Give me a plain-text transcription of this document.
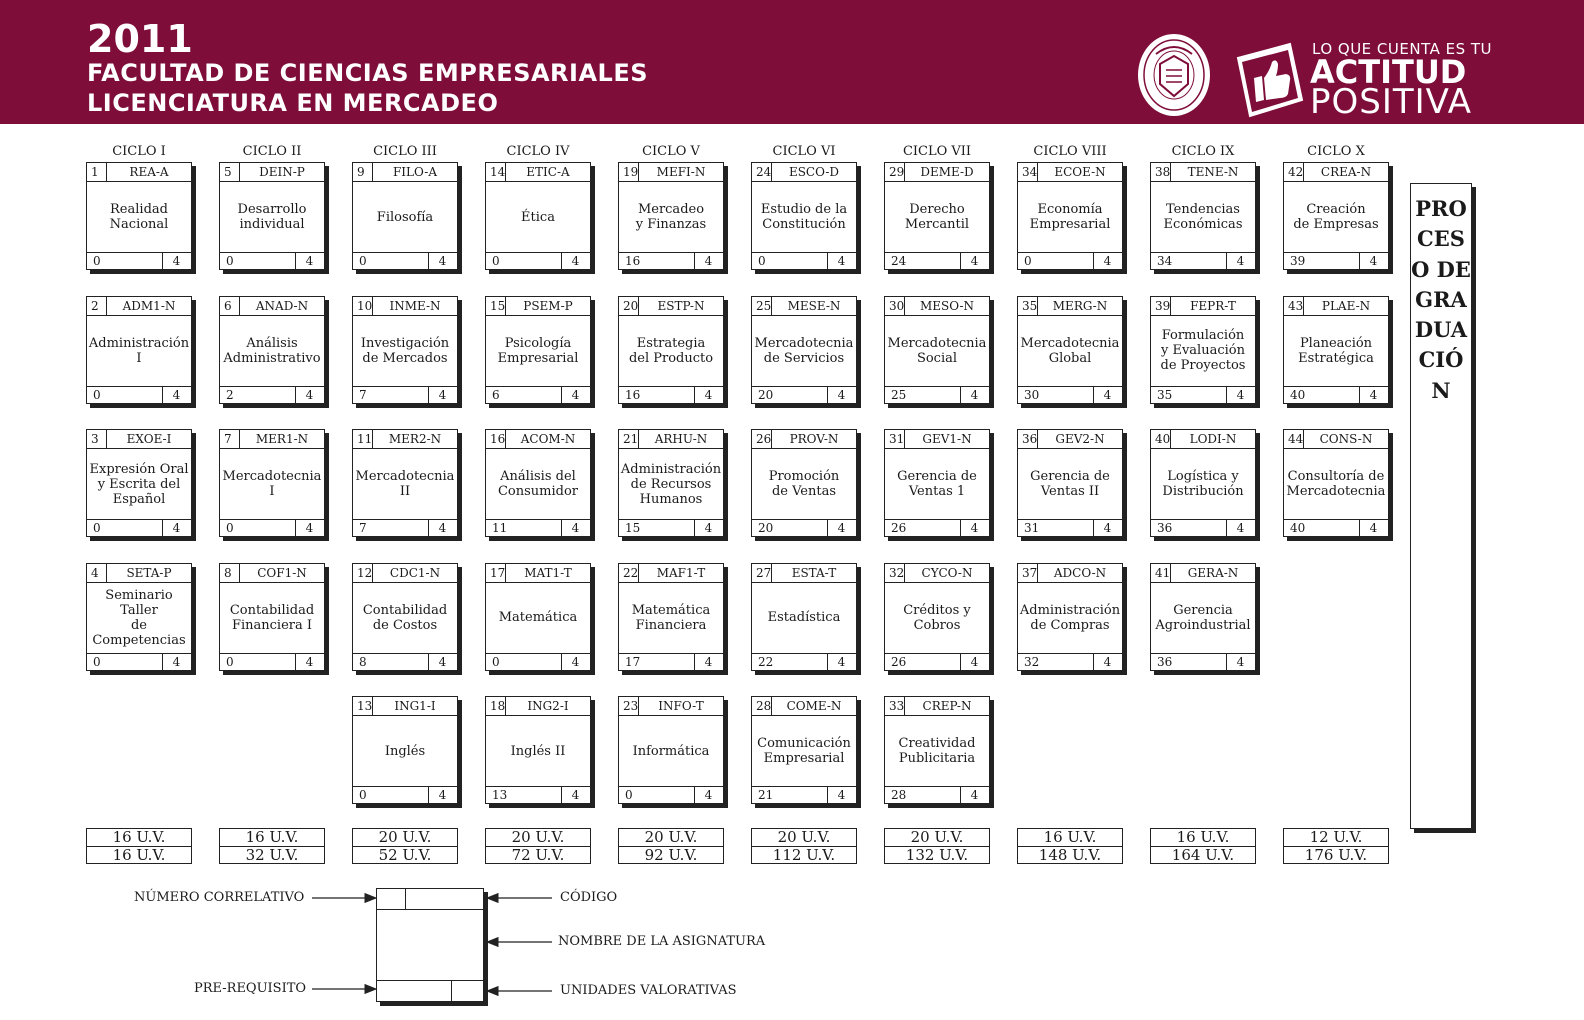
2011
FACULTAD DE CIENCIAS EMPRESARIALES
LICENCIATURA EN MERCADEO
LO QUE CUENTA ES TU
ACTITUD
POSITIVA
CICLO I
1	REA-A
Realidad
Nacional
0	4
2	ADM1-N
Administración
I
0	4
3	EXOE-I
Expresión Oral
y Escrita del
Español
0	4
4	SETA-P
Seminario Taller
de Competencias
0	4
16 U.V.
16 U.V.
CICLO II
5	DEIN-P
Desarrollo
individual
0	4
6	ANAD-N
Análisis
Administrativo
2	4
7	MER1-N
Mercadotecnia
I
0	4
8	COF1-N
Contabilidad
Financiera I
0	4
16 U.V.
32 U.V.
CICLO III
9	FILO-A
Filosofía
0	4
10	INME-N
Investigación
de Mercados
7	4
11	MER2-N
Mercadotecnia
II
7	4
12	CDC1-N
Contabilidad
de Costos
8	4
13	ING1-I
Inglés
0	4
20 U.V.
52 U.V.
CICLO IV
14	ETIC-A
Ética
0	4
15	PSEM-P
Psicología
Empresarial
6	4
16	ACOM-N
Análisis del
Consumidor
11	4
17	MAT1-T
Matemática
0	4
18	ING2-I
Inglés II
13	4
20 U.V.
72 U.V.
CICLO V
19	MEFI-N
Mercadeo
y Finanzas
16	4
20	ESTP-N
Estrategia
del Producto
16	4
21	ARHU-N
Administración
de Recursos
Humanos
15	4
22	MAF1-T
Matemática
Financiera
17	4
23	INFO-T
Informática
0	4
20 U.V.
92 U.V.
CICLO VI
24	ESCO-D
Estudio de la
Constitución
0	4
25	MESE-N
Mercadotecnia
de Servicios
20	4
26	PROV-N
Promoción
de Ventas
20	4
27	ESTA-T
Estadística
22	4
28	COME-N
Comunicación
Empresarial
21	4
20 U.V.
112 U.V.
CICLO VII
29	DEME-D
Derecho
Mercantil
24	4
30	MESO-N
Mercadotecnia
Social
25	4
31	GEV1-N
Gerencia de
Ventas 1
26	4
32	CYCO-N
Créditos y
Cobros
26	4
33	CREP-N
Creatividad
Publicitaria
28	4
20 U.V.
132 U.V.
CICLO VIII
34	ECOE-N
Economía
Empresarial
0	4
35	MERG-N
Mercadotecnia
Global
30	4
36	GEV2-N
Gerencia de
Ventas II
31	4
37	ADCO-N
Administración
de Compras
32	4
16 U.V.
148 U.V.
CICLO IX
38	TENE-N
Tendencias
Económicas
34	4
39	FEPR-T
Formulación
y Evaluación
de Proyectos
35	4
40	LODI-N
Logística y
Distribución
36	4
41	GERA-N
Gerencia
Agroindustrial
36	4
16 U.V.
164 U.V.
CICLO X
42	CREA-N
Creación
de Empresas
39	4
43	PLAE-N
Planeación
Estratégica
40	4
44	CONS-N
Consultoría de
Mercadotecnia
40	4
12 U.V.
176 U.V.
PROCESO DE GRADUACIÓN
NÚMERO CORRELATIVO	CÓDIGO
NOMBRE DE LA ASIGNATURA
PRE-REQUISITO	UNIDADES VALORATIVAS
